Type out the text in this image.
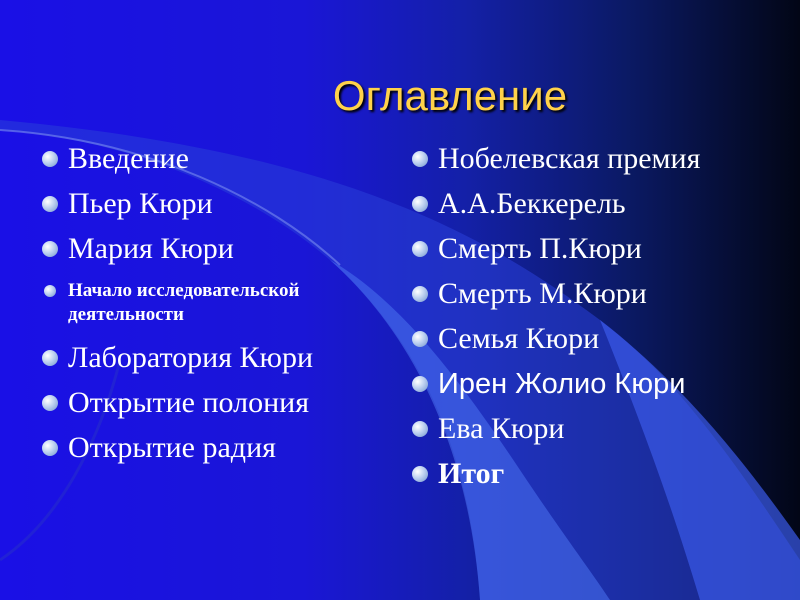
Оглавление
Введение
Пьер Кюри
Мария Кюри
Начало исследовательской деятельности
Лаборатория Кюри
Открытие полония
Открытие радия
Нобелевская премия
А.А.Беккерель
Смерть П.Кюри
Смерть М.Кюри
Семья Кюри
Ирен Жолио Кюри
Ева Кюри
Итог
